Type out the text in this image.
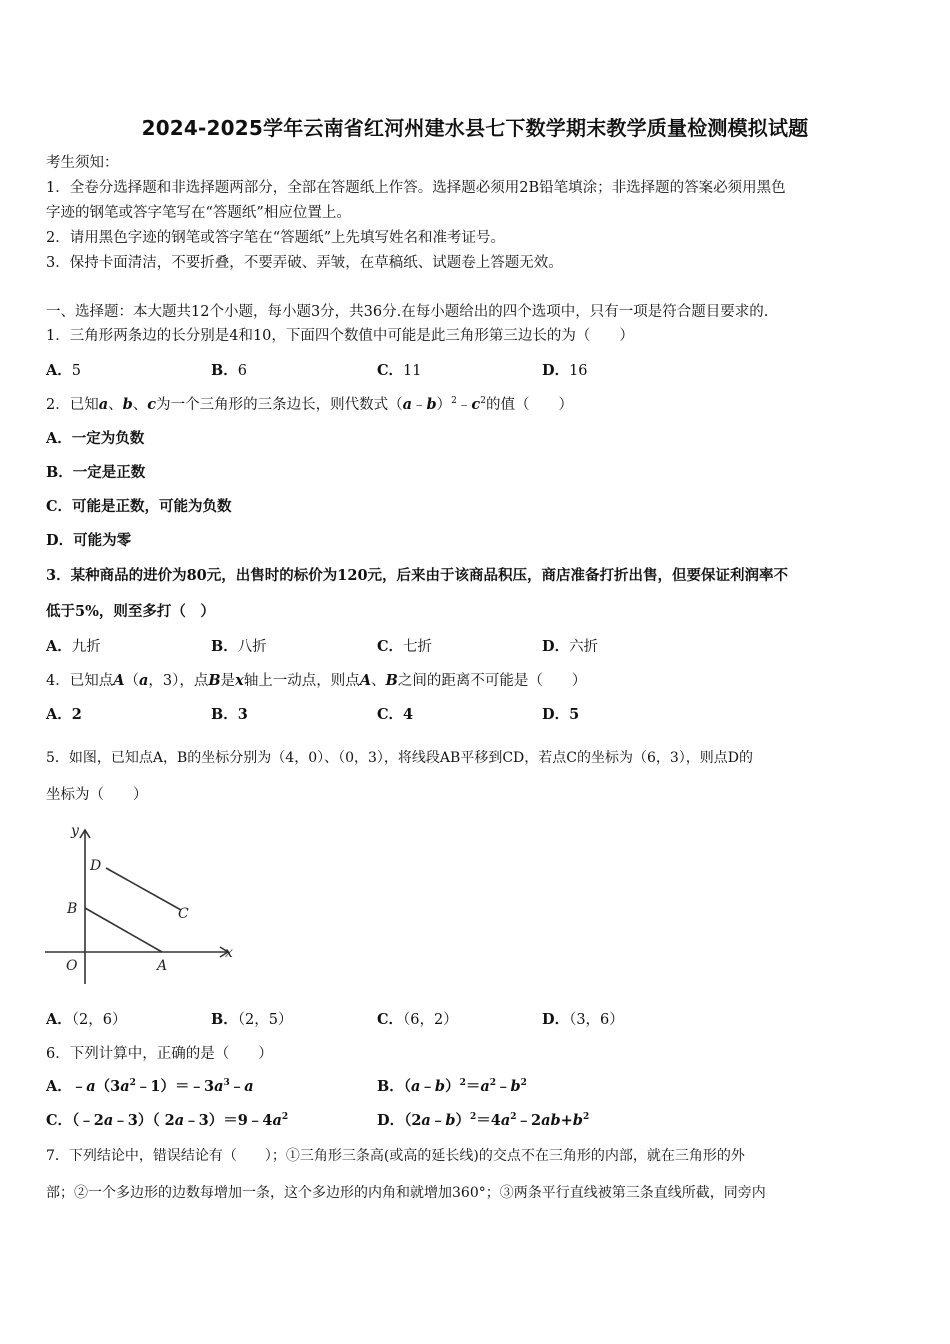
2024-2025学年云南省红河州建水县七下数学期末教学质量检测模拟试题
考生须知：
1．全卷分选择题和非选择题两部分，全部在答题纸上作答。选择题必须用2B铅笔填涂；非选择题的答案必须用黑色
字迹的钢笔或答字笔写在“答题纸”相应位置上。
2．请用黑色字迹的钢笔或答字笔在“答题纸”上先填写姓名和准考证号。
3．保持卡面清洁，不要折叠，不要弄破、弄皱，在草稿纸、试题卷上答题无效。
一、选择题：本大题共12个小题，每小题3分，共36分.在每小题给出的四个选项中，只有一项是符合题目要求的.
1．三角形两条边的长分别是4和10，下面四个数值中可能是此三角形第三边长的为（　　）
A．5	B．6	C．11	D．16
2．已知a、b、c为一个三角形的三条边长，则代数式$(a﹣b)^2﹣c^2$的值（　　）
A．一定为负数
B．一定是正数
C．可能是正数，可能为负数
D．可能为零
3．某种商品的进价为80元，出售时的标价为120元，后来由于该商品积压，商店准备打折出售，但要保证利润率不
低于5%，则至多打（　）
A．九折	B．八折	C．七折	D．六折
4．已知点A（a，3），点B是x轴上一动点，则点A、B之间的距离不可能是（　　）
A．2	B．3	C．4	D．5
5．如图，已知点A，B的坐标分别为（4，0）、（0，3），将线段AB平移到CD，若点C的坐标为（6，3），则点D的
坐标为（　　）
y
x
O	A
B	C
D
A．（2，6）	B．（2，5）	C．（6，2）	D．（3，6）
6．下列计算中，正确的是（　　）
A．$﹣a(3a^2﹣1)=﹣3a^3﹣a$	B．$(a﹣b)^2=a^2﹣b^2$
C．（﹣2a﹣3）（ $2a﹣3)=9﹣4a^2$	D．$(2a﹣b)^2=4a^2﹣2ab+b^2$
7．下列结论中，错误结论有（　　）；①三角形三条高(或高的延长线)的交点不在三角形的内部，就在三角形的外
部；②一个多边形的边数每增加一条，这个多边形的内角和就增加360°；③两条平行直线被第三条直线所截，同旁内
